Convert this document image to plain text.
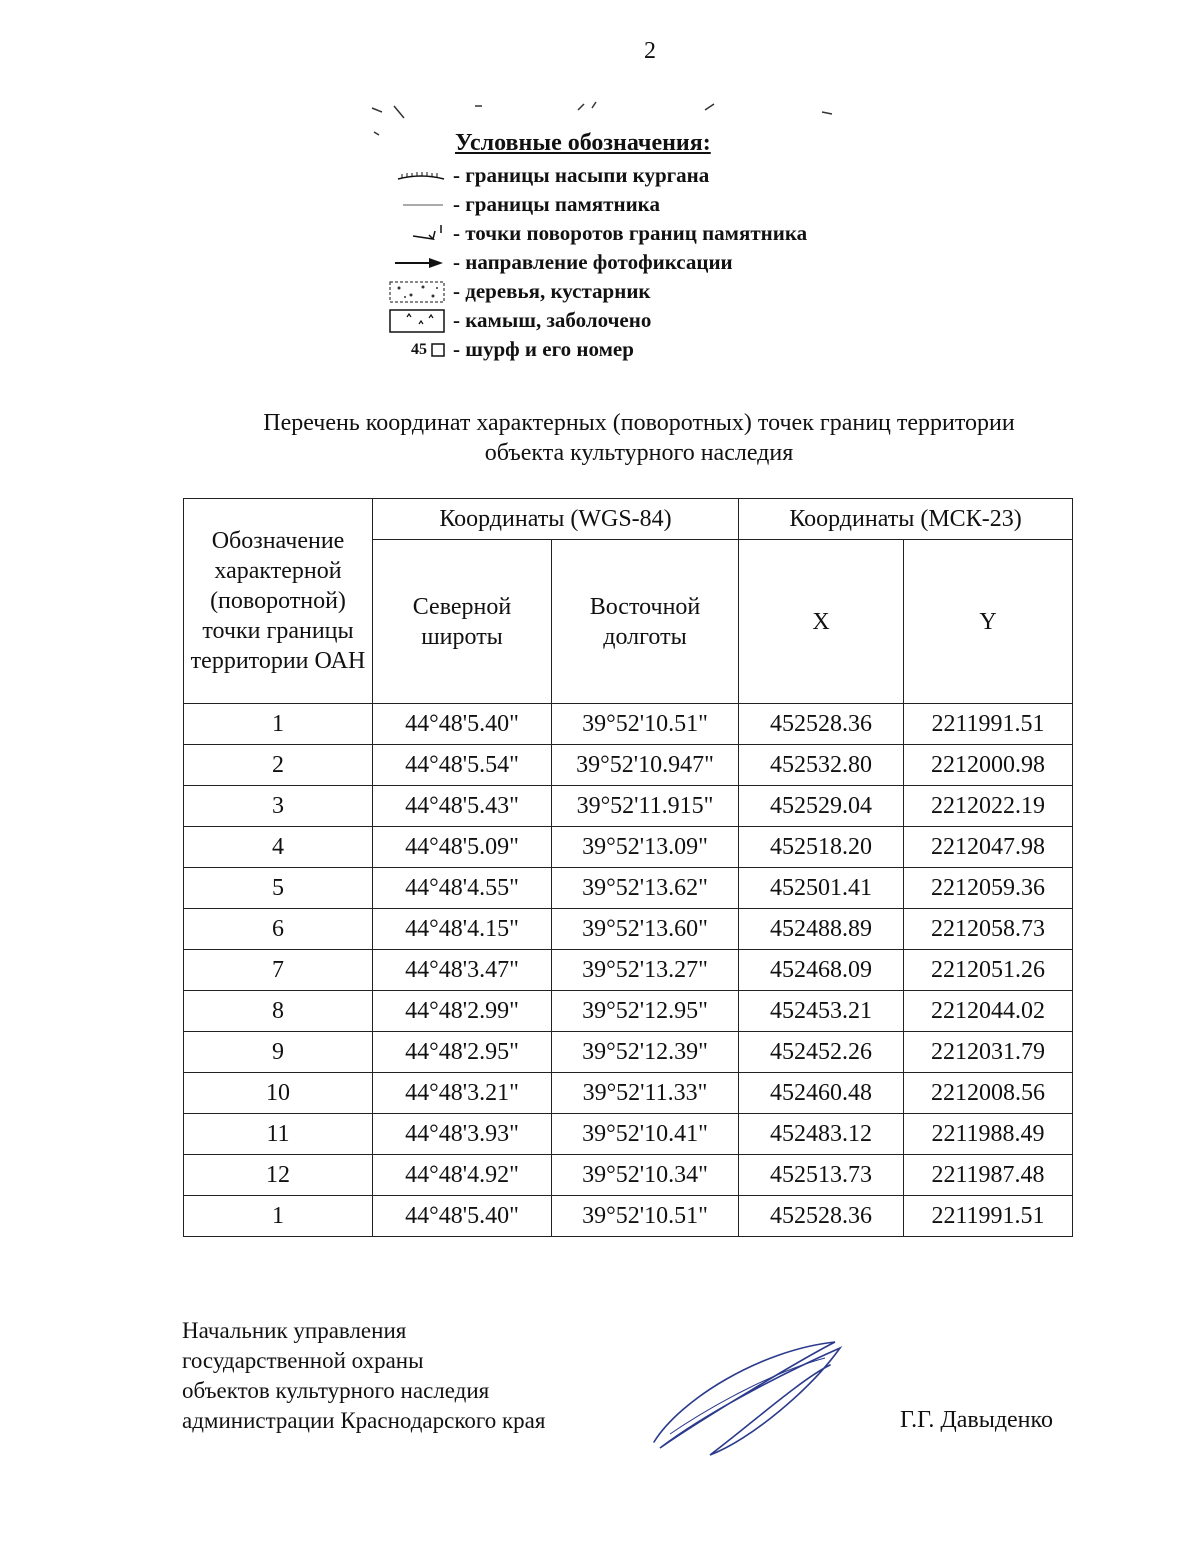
2
Условные обозначения:
- границы насыпи кургана
- границы памятника
- точки поворотов границ памятника
- направление фотофиксации
- деревья, кустарник
- камыш, заболочено
45 - шурф и его номер
Перечень координат характерных (поворотных) точек границ территории
объекта культурного наследия
Обозначение характерной (поворотной) точки границы территории ОАН	Координаты (WGS-84)		Координаты (МСК-23)	
	Северной широты	Восточной долготы	X	Y
1	44°48'5.40"	39°52'10.51"	452528.36	2211991.51
2	44°48'5.54"	39°52'10.947"	452532.80	2212000.98
3	44°48'5.43"	39°52'11.915"	452529.04	2212022.19
4	44°48'5.09"	39°52'13.09"	452518.20	2212047.98
5	44°48'4.55"	39°52'13.62"	452501.41	2212059.36
6	44°48'4.15"	39°52'13.60"	452488.89	2212058.73
7	44°48'3.47"	39°52'13.27"	452468.09	2212051.26
8	44°48'2.99"	39°52'12.95"	452453.21	2212044.02
9	44°48'2.95"	39°52'12.39"	452452.26	2212031.79
10	44°48'3.21"	39°52'11.33"	452460.48	2212008.56
11	44°48'3.93"	39°52'10.41"	452483.12	2211988.49
12	44°48'4.92"	39°52'10.34"	452513.73	2211987.48
1	44°48'5.40"	39°52'10.51"	452528.36	2211991.51
Начальник управления
государственной охраны
объектов культурного наследия
администрации Краснодарского края	Г.Г. Давыденко
